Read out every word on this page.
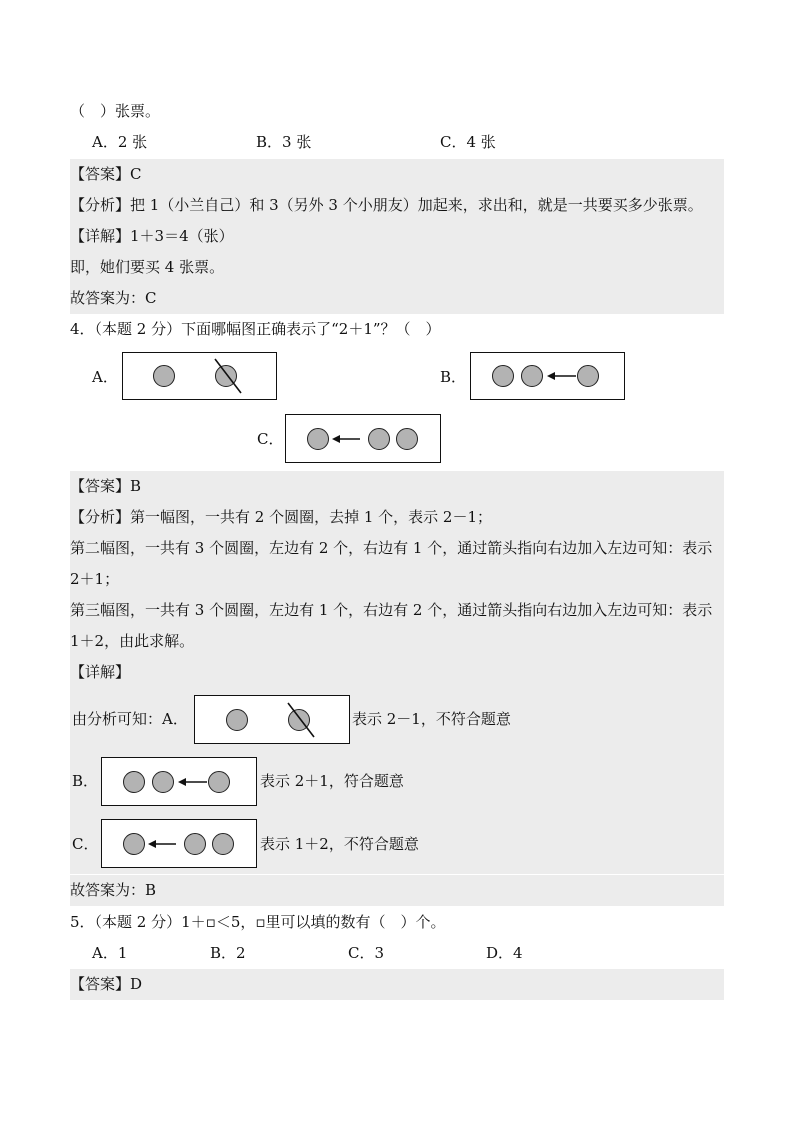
（　）张票。
A．2 张	B．3 张	C．4 张
【答案】C
【分析】把 1（小兰自己）和 3（另外 3 个小朋友）加起来，求出和，就是一共要买多少张票。
【详解】1＋3＝4（张）
即，她们要买 4 张票。
故答案为：C
4．（本题 2 分）下面哪幅图正确表示了“2＋1”？（　）
A．	B．
C．
【答案】B
【分析】第一幅图，一共有 2 个圆圈，去掉 1 个，表示 2－1；
第二幅图，一共有 3 个圆圈，左边有 2 个，右边有 1 个，通过箭头指向右边加入左边可知：表示 2＋1；
第三幅图，一共有 3 个圆圈，左边有 1 个，右边有 2 个，通过箭头指向右边加入左边可知：表示 1＋2，由此求解。
【详解】
由分析可知：A．	表示 2－1，不符合题意
B．	表示 2＋1，符合题意
C．	表示 1＋2，不符合题意
故答案为：B
5．（本题 2 分）1＋▫＜5，▫里可以填的数有（　）个。
A．1	B．2	C．3	D．4
【答案】D
